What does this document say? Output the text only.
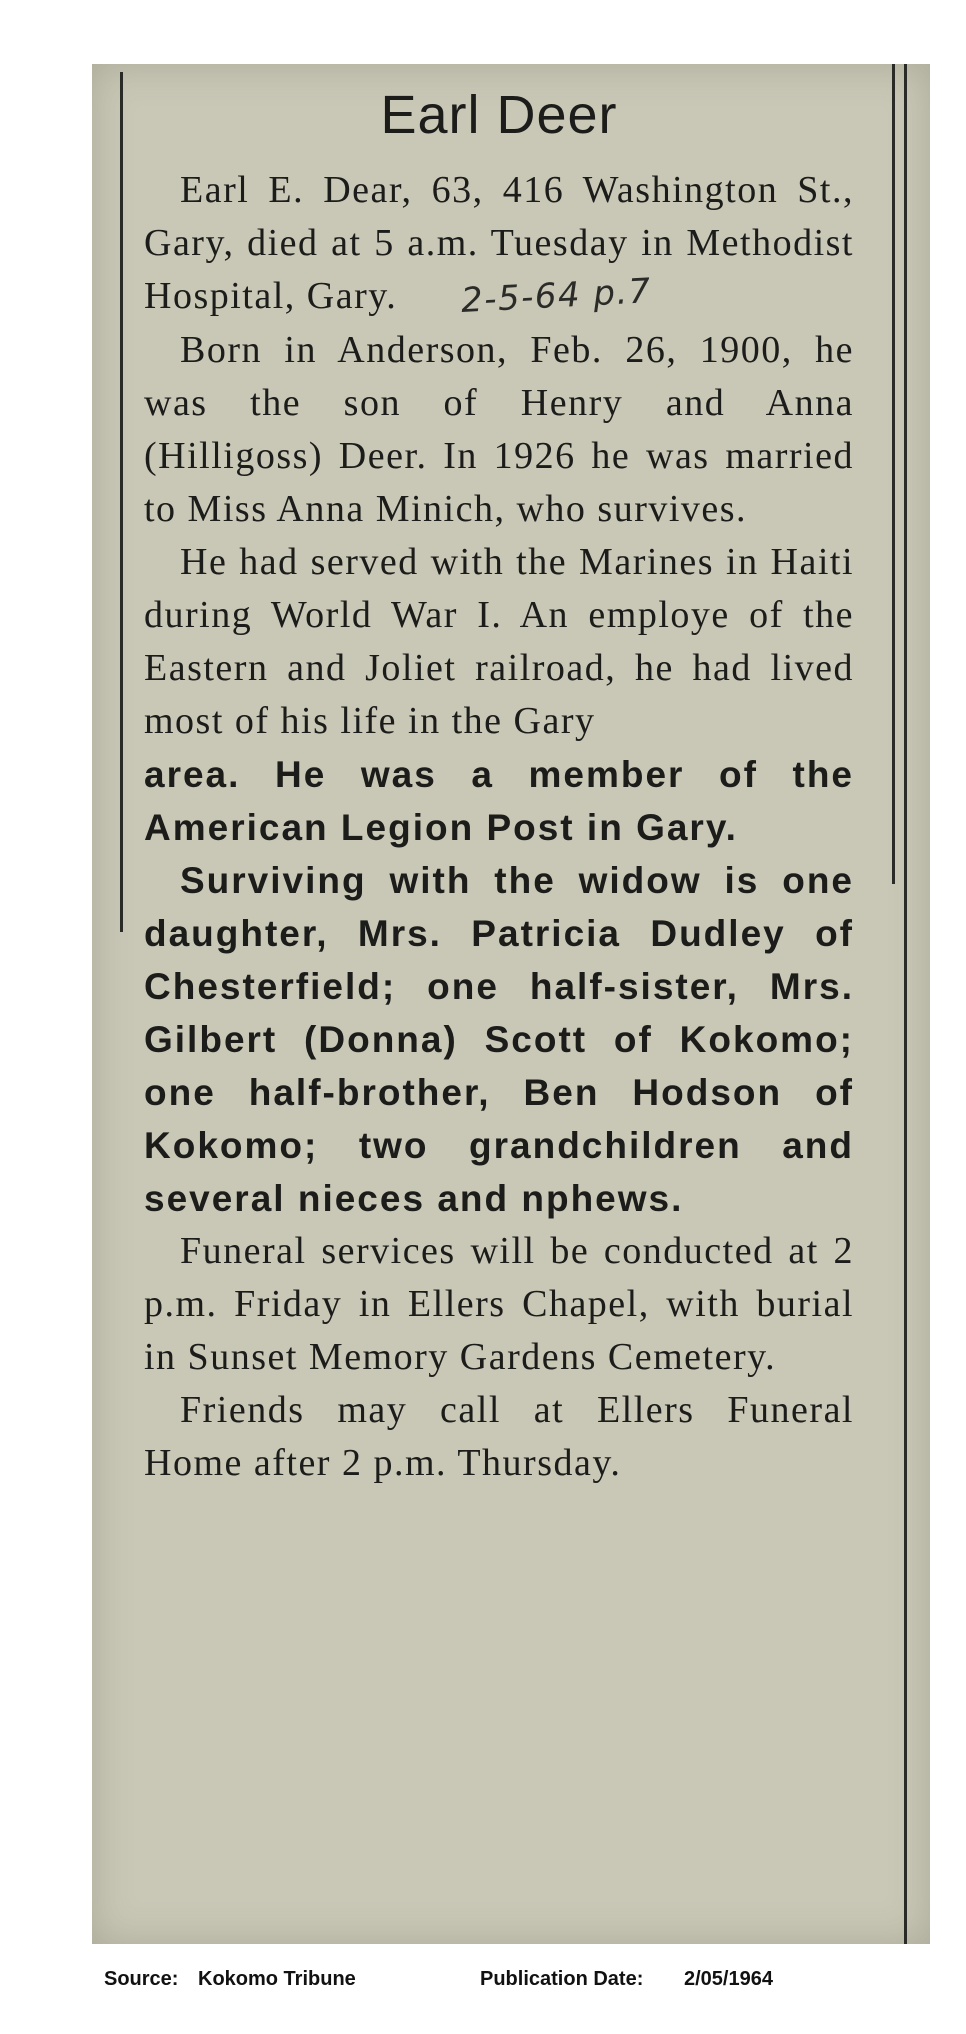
Earl Deer

Earl E. Dear, 63, 416 Washington St., Gary, died at 5 a.m. Tuesday in Methodist Hospital, Gary. 2-5-64 p.7

Born in Anderson, Feb. 26, 1900, he was the son of Henry and Anna (Hilligoss) Deer. In 1926 he was married to Miss Anna Minich, who survives.

He had served with the Marines in Haiti during World War I. An employe of the Eastern and Joliet railroad, he had lived most of his life in the Gary

area. He was a member of the American Legion Post in Gary.

Surviving with the widow is one daughter, Mrs. Patricia Dudley of Chesterfield; one half-sister, Mrs. Gilbert (Donna) Scott of Kokomo; one half-brother, Ben Hodson of Kokomo; two grandchildren and several nieces and nphews.

Funeral services will be conducted at 2 p.m. Friday in Ellers Chapel, with burial in Sunset Memory Gardens Cemetery.

Friends may call at Ellers Funeral Home after 2 p.m. Thursday.

Source: Kokomo Tribune	Publication Date: 2/05/1964
